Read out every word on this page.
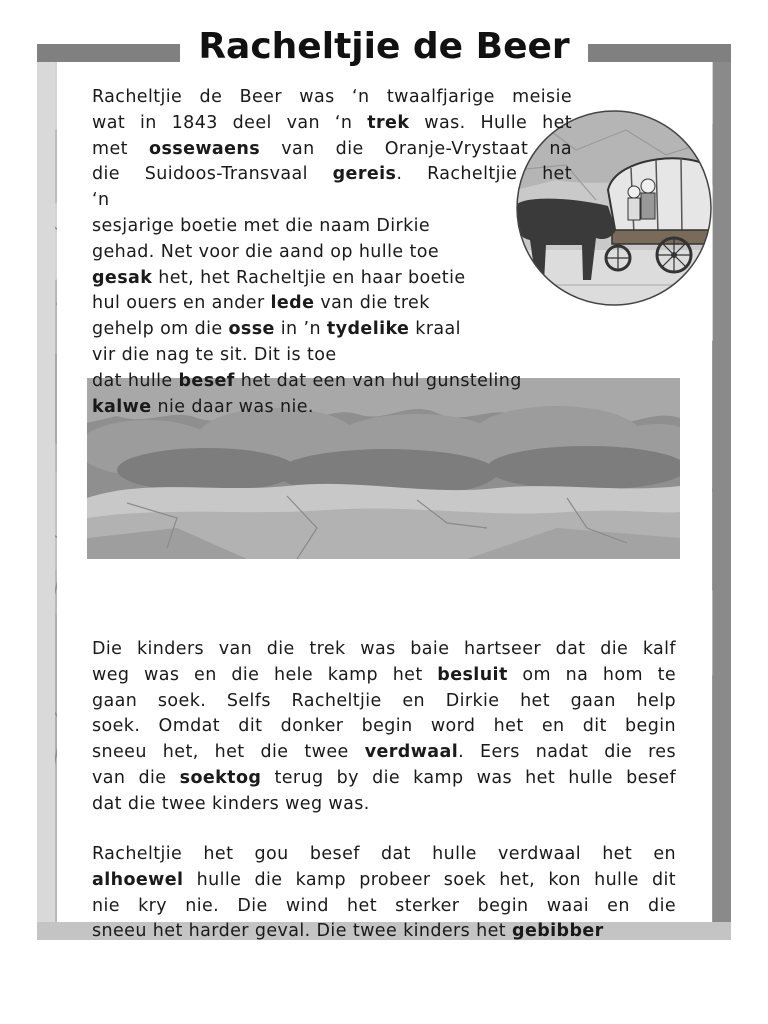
Racheltjie de Beer

Racheltjie de Beer was ‘n twaalfjarige meisie
wat in 1843 deel van ‘n trek was. Hulle het
met ossewaens van die Oranje-Vrystaat na
die Suidoos-Transvaal gereis. Racheltjie het
‘n
sesjarige boetie met die naam Dirkie
gehad. Net voor die aand op hulle toe
gesak het, het Racheltjie en haar boetie
hul ouers en ander lede van die trek
gehelp om die osse in ’n tydelike kraal
vir die nag te sit. Dit is toe
dat hulle besef het dat een van hul gunsteling
kalwe nie daar was nie.

Die kinders van die trek was baie hartseer dat die kalf
weg was en die hele kamp het besluit om na hom te
gaan soek. Selfs Racheltjie en Dirkie het gaan help
soek. Omdat dit donker begin word het en dit begin
sneeu het, het die twee verdwaal. Eers nadat die res
van die soektog terug by die kamp was het hulle besef
dat die twee kinders weg was.

Racheltjie het gou besef dat hulle verdwaal het en
alhoewel hulle die kamp probeer soek het, kon hulle dit
nie kry nie. Die wind het sterker begin waai en die
sneeu het harder geval. Die twee kinders het gebibber
